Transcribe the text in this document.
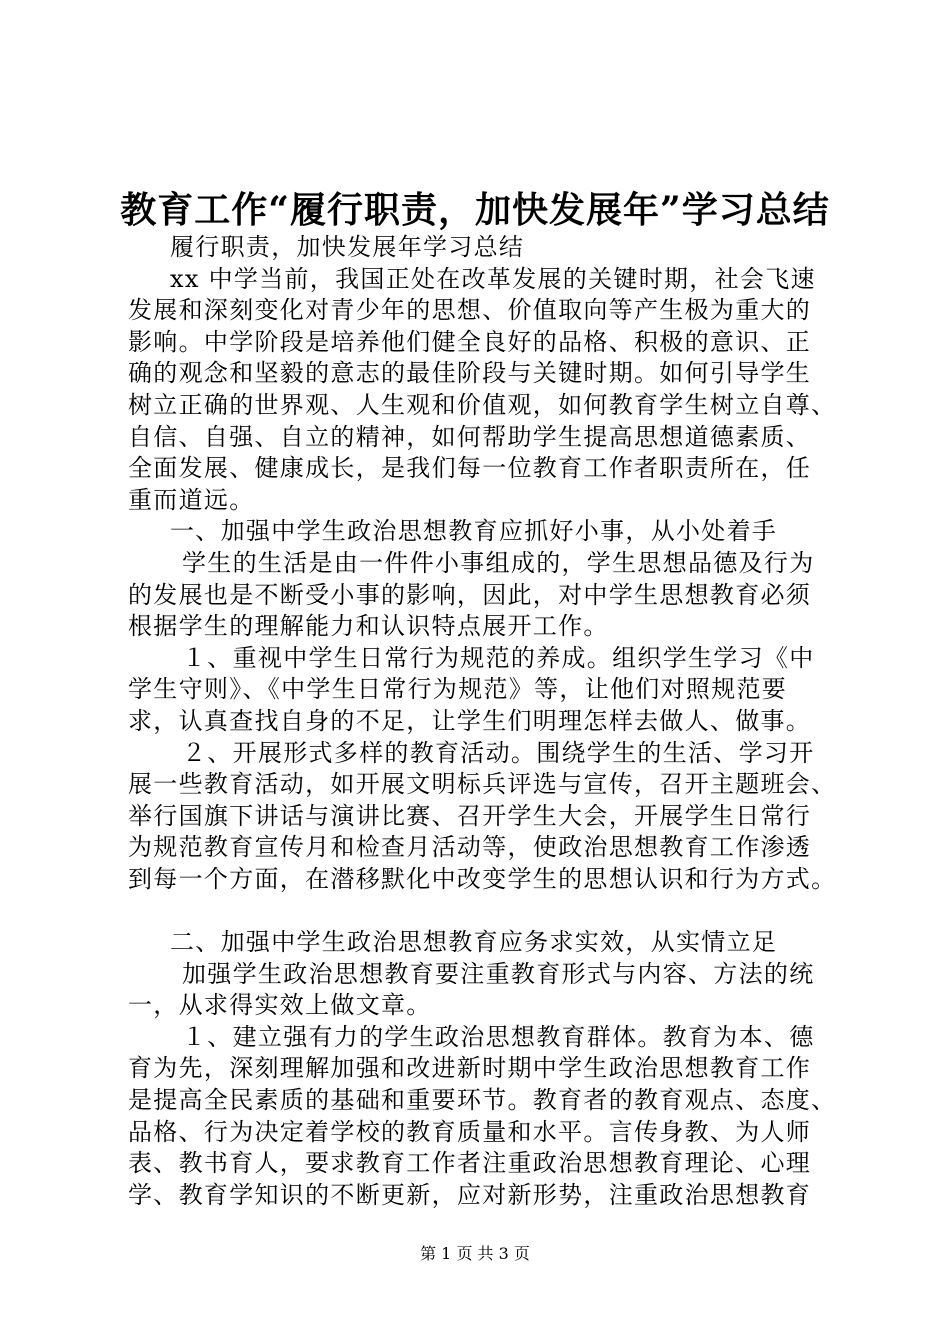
教育工作“履行职责，加快发展年”学习总结
履行职责，加快发展年学习总结
xx 中学当前，我国正处在改革发展的关键时期，社会飞速
发展和深刻变化对青少年的思想、价值取向等产生极为重大的
影响。中学阶段是培养他们健全良好的品格、积极的意识、正
确的观念和坚毅的意志的最佳阶段与关键时期。如何引导学生
树立正确的世界观、人生观和价值观，如何教育学生树立自尊、
自信、自强、自立的精神，如何帮助学生提高思想道德素质、
全面发展、健康成长，是我们每一位教育工作者职责所在，任
重而道远。
一、加强中学生政治思想教育应抓好小事，从小处着手
学生的生活是由一件件小事组成的，学生思想品德及行为
的发展也是不断受小事的影响，因此，对中学生思想教育必须
根据学生的理解能力和认识特点展开工作。
１、重视中学生日常行为规范的养成。组织学生学习《中
学生守则》、《中学生日常行为规范》等，让他们对照规范要
求，认真查找自身的不足，让学生们明理怎样去做人、做事。
２、开展形式多样的教育活动。围绕学生的生活、学习开
展一些教育活动，如开展文明标兵评选与宣传，召开主题班会、
举行国旗下讲话与演讲比赛、召开学生大会，开展学生日常行
为规范教育宣传月和检查月活动等，使政治思想教育工作渗透
到每一个方面，在潜移默化中改变学生的思想认识和行为方式。
二、加强中学生政治思想教育应务求实效，从实情立足
加强学生政治思想教育要注重教育形式与内容、方法的统
一，从求得实效上做文章。
１、建立强有力的学生政治思想教育群体。教育为本、德
育为先，深刻理解加强和改进新时期中学生政治思想教育工作
是提高全民素质的基础和重要环节。教育者的教育观点、态度、
品格、行为决定着学校的教育质量和水平。言传身教、为人师
表、教书育人，要求教育工作者注重政治思想教育理论、心理
学、教育学知识的不断更新，应对新形势，注重政治思想教育
第 1 页 共 3 页
